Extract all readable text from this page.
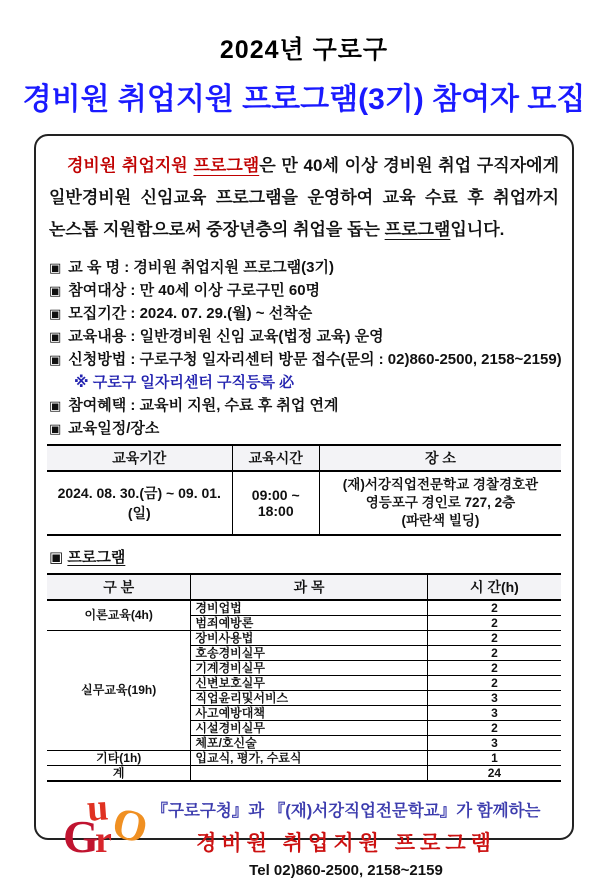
2024년 구로구
경비원 취업지원 프로그램(3기) 참여자 모집

경비원 취업지원 프로그램은 만 40세 이상 경비원 취업 구직자에게 일반경비원 신임교육 프로그램을 운영하여 교육 수료 후 취업까지 논스톱 지원함으로써 중장년층의 취업을 돕는 프로그램입니다.

▣ 교 육 명 : 경비원 취업지원 프로그램(3기)
▣ 참여대상 : 만 40세 이상 구로구민 60명
▣ 모집기간 : 2024. 07. 29.(월) ~ 선착순
▣ 교육내용 : 일반경비원 신임 교육(법정 교육) 운영
▣ 신청방법 : 구로구청 일자리센터 방문 접수(문의 : 02)860-2500, 2158~2159)
※ 구로구 일자리센터 구직등록 必
▣ 참여혜택 : 교육비 지원, 수료 후 취업 연계
▣ 교육일정/장소
교육기간	교육시간	장 소
2024. 08. 30.(금) ~ 09. 01.(일)	09:00 ~ 18:00	(재)서강직업전문학교 경찰경호관
영등포구 경인로 727, 2층
(파란색 빌딩)
▣ 프로그램
구 분	과 목	시 간(h)
이론교육(4h)	경비업법	2
	범죄예방론	2
실무교육(19h)	장비사용법	2
	호송경비실무	2
	기계경비실무	2
	신변보호실무	2
	직업윤리및서비스	3
	사고예방대책	3
	시설경비실무	2
	체포/호신술	3
기타(1h)	입교식, 평가, 수료식	1
계		24
u
G
r
O
『구로구청』과 『(재)서강직업전문학교』가 함께하는
경비원 취업지원 프로그램
Tel 02)860-2500, 2158~2159
